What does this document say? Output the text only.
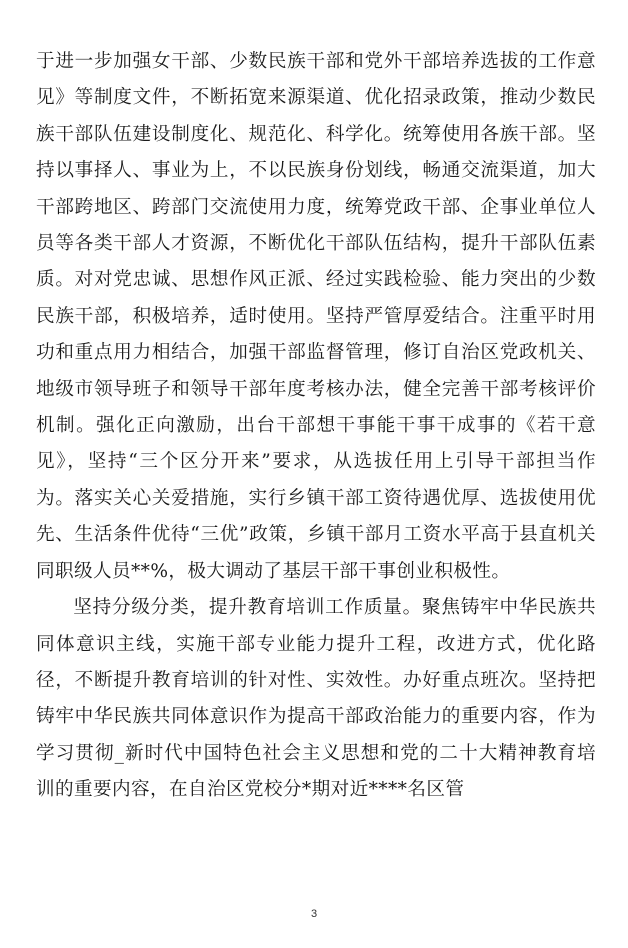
于进一步加强女干部、少数民族干部和党外干部培养选拔的工作意见》等制度文件，不断拓宽来源渠道、优化招录政策，推动少数民族干部队伍建设制度化、规范化、科学化。统筹使用各族干部。坚持以事择人、事业为上，不以民族身份划线，畅通交流渠道，加大干部跨地区、跨部门交流使用力度，统筹党政干部、企事业单位人员等各类干部人才资源，不断优化干部队伍结构，提升干部队伍素质。对对党忠诚、思想作风正派、经过实践检验、能力突出的少数民族干部，积极培养，适时使用。坚持严管厚爱结合。注重平时用功和重点用力相结合，加强干部监督管理，修订自治区党政机关、地级市领导班子和领导干部年度考核办法，健全完善干部考核评价机制。强化正向激励，出台干部想干事能干事干成事的《若干意见》，坚持“三个区分开来”要求，从选拔任用上引导干部担当作为。落实关心关爱措施，实行乡镇干部工资待遇优厚、选拔使用优先、生活条件优待“三优”政策，乡镇干部月工资水平高于县直机关同职级人员**%，极大调动了基层干部干事创业积极性。

坚持分级分类，提升教育培训工作质量。聚焦铸牢中华民族共同体意识主线，实施干部专业能力提升工程，改进方式，优化路径，不断提升教育培训的针对性、实效性。办好重点班次。坚持把铸牢中华民族共同体意识作为提高干部政治能力的重要内容，作为学习贯彻_新时代中国特色社会主义思想和党的二十大精神教育培训的重要内容，在自治区党校分*期对近****名区管

3
